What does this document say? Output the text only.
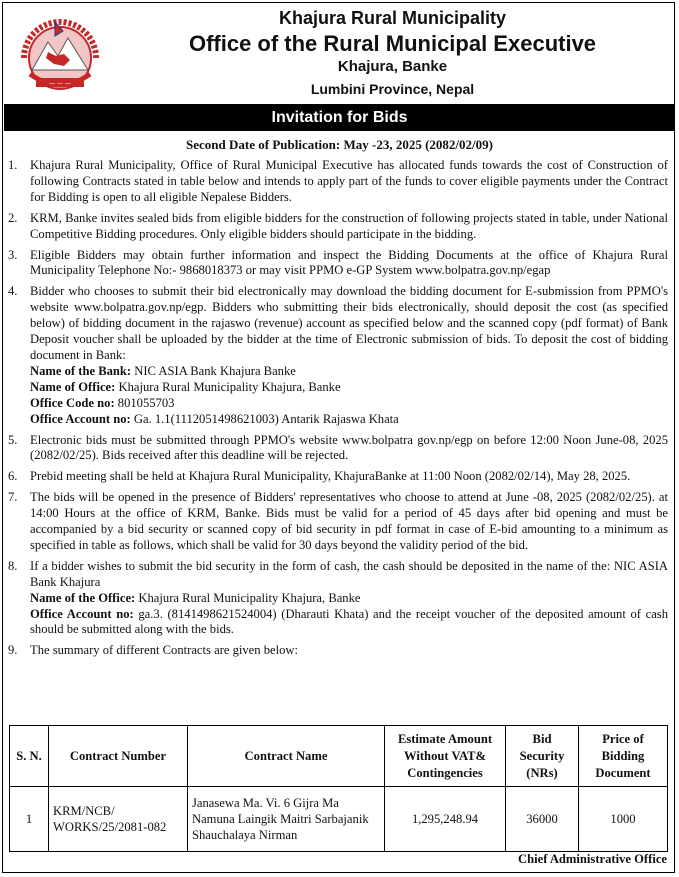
— — —
Khajura Rural Municipality
Office of the Rural Municipal Executive
Khajura, Banke
Lumbini Province, Nepal
Invitation for Bids
Second Date of Publication: May -23, 2025 (2082/02/09)
1. Khajura Rural Municipality, Office of Rural Municipal Executive has allocated funds towards the cost of Construction of following Contracts stated in table below and intends to apply part of the funds to cover eligible payments under the Contract for Bidding is open to all eligible Nepalese Bidders.
2. KRM, Banke invites sealed bids from eligible bidders for the construction of following projects stated in table, under National Competitive Bidding procedures. Only eligible bidders should participate in the bidding.
3. Eligible Bidders may obtain further information and inspect the Bidding Documents at the office of Khajura Rural Municipality Telephone No:- 9868018373 or may visit PPMO e-GP System www.bolpatra.gov.np/egap
4. Bidder who chooses to submit their bid electronically may download the bidding document for E-submission from PPMO's website www.bolpatra.gov.np/egp. Bidders who submitting their bids electronically, should deposit the cost (as specified below) of bidding document in the rajaswo (revenue) account as specified below and the scanned copy (pdf format) of Bank Deposit voucher shall be uploaded by the bidder at the time of Electronic submission of bids. To deposit the cost of bidding document in Bank:
Name of the Bank: NIC ASIA Bank Khajura Banke
Name of Office: Khajura Rural Municipality Khajura, Banke
Office Code no: 801055703
Office Account no: Ga. 1.1(1112051498621003) Antarik Rajaswa Khata
5. Electronic bids must be submitted through PPMO's website www.bolpatra gov.np/egp on before 12:00 Noon June-08, 2025 (2082/02/25). Bids received after this deadline will be rejected.
6. Prebid meeting shall be held at Khajura Rural Municipality, KhajuraBanke at 11:00 Noon (2082/02/14), May 28, 2025.
7. The bids will be opened in the presence of Bidders' representatives who choose to attend at June -08, 2025 (2082/02/25). at 14:00 Hours at the office of KRM, Banke. Bids must be valid for a period of 45 days after bid opening and must be accompanied by a bid security or scanned copy of bid security in pdf format in case of E-bid amounting to a minimum as specified in table as follows, which shall be valid for 30 days beyond the validity period of the bid.
8. If a bidder wishes to submit the bid security in the form of cash, the cash should be deposited in the name of the: NIC ASIA Bank Khajura
Name of the Office: Khajura Rural Municipality Khajura, Banke
Office Account no: ga.3. (8141498621524004) (Dharauti Khata) and the receipt voucher of the deposited amount of cash should be submitted along with the bids.
9. The summary of different Contracts are given below:
S. N.	Contract Number	Contract Name	Estimate Amount Without VAT& Contingencies	Bid Security (NRs)	Price of Bidding Document
1	KRM/NCB/ WORKS/25/2081-082	Janasewa Ma. Vi. 6 Gijra Ma Namuna Laingik Maitri Sarbajanik Shauchalaya Nirman	1,295,248.94	36000	1000
Chief Administrative Office
